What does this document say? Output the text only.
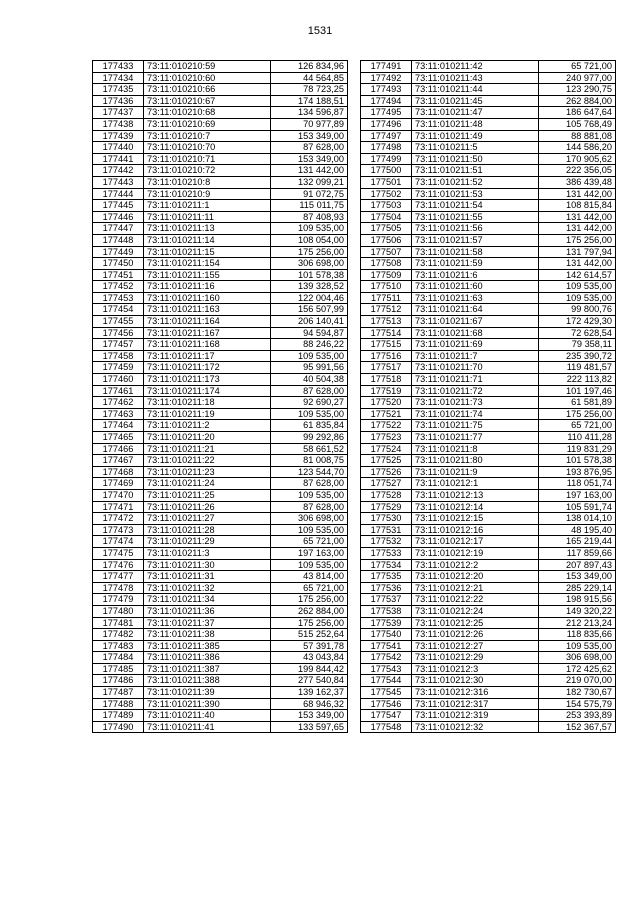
1531
177433	73:11:010210:59	126 834,96
177434	73:11:010210:60	44 564,85
177435	73:11:010210:66	78 723,25
177436	73:11:010210:67	174 188,51
177437	73:11:010210:68	134 596,87
177438	73:11:010210:69	70 977,89
177439	73:11:010210:7	153 349,00
177440	73:11:010210:70	87 628,00
177441	73:11:010210:71	153 349,00
177442	73:11:010210:72	131 442,00
177443	73:11:010210:8	132 099,21
177444	73:11:010210:9	91 072,75
177445	73:11:010211:1	115 011,75
177446	73:11:010211:11	87 408,93
177447	73:11:010211:13	109 535,00
177448	73:11:010211:14	108 054,00
177449	73:11:010211:15	175 256,00
177450	73:11:010211:154	306 698,00
177451	73:11:010211:155	101 578,38
177452	73:11:010211:16	139 328,52
177453	73:11:010211:160	122 004,46
177454	73:11:010211:163	156 507,99
177455	73:11:010211:164	206 140,41
177456	73:11:010211:167	94 594,87
177457	73:11:010211:168	88 246,22
177458	73:11:010211:17	109 535,00
177459	73:11:010211:172	95 991,56
177460	73:11:010211:173	40 504,38
177461	73:11:010211:174	87 628,00
177462	73:11:010211:18	92 690,27
177463	73:11:010211:19	109 535,00
177464	73:11:010211:2	61 835,84
177465	73:11:010211:20	99 292,86
177466	73:11:010211:21	58 661,52
177467	73:11:010211:22	81 008,75
177468	73:11:010211:23	123 544,70
177469	73:11:010211:24	87 628,00
177470	73:11:010211:25	109 535,00
177471	73:11:010211:26	87 628,00
177472	73:11:010211:27	306 698,00
177473	73:11:010211:28	109 535,00
177474	73:11:010211:29	65 721,00
177475	73:11:010211:3	197 163,00
177476	73:11:010211:30	109 535,00
177477	73:11:010211:31	43 814,00
177478	73:11:010211:32	65 721,00
177479	73:11:010211:34	175 256,00
177480	73:11:010211:36	262 884,00
177481	73:11:010211:37	175 256,00
177482	73:11:010211:38	515 252,64
177483	73:11:010211:385	57 391,78
177484	73:11:010211:386	43 043,84
177485	73:11:010211:387	199 844,42
177486	73:11:010211:388	277 540,84
177487	73:11:010211:39	139 162,37
177488	73:11:010211:390	68 946,32
177489	73:11:010211:40	153 349,00
177490	73:11:010211:41	133 597,65
177491	73:11:010211:42	65 721,00
177492	73:11:010211:43	240 977,00
177493	73:11:010211:44	123 290,75
177494	73:11:010211:45	262 884,00
177495	73:11:010211:47	186 647,64
177496	73:11:010211:48	105 768,49
177497	73:11:010211:49	88 881,08
177498	73:11:010211:5	144 586,20
177499	73:11:010211:50	170 905,62
177500	73:11:010211:51	222 356,05
177501	73:11:010211:52	386 439,48
177502	73:11:010211:53	131 442,00
177503	73:11:010211:54	108 815,84
177504	73:11:010211:55	131 442,00
177505	73:11:010211:56	131 442,00
177506	73:11:010211:57	175 256,00
177507	73:11:010211:58	131 797,94
177508	73:11:010211:59	131 442,00
177509	73:11:010211:6	142 614,57
177510	73:11:010211:60	109 535,00
177511	73:11:010211:63	109 535,00
177512	73:11:010211:64	99 800,76
177513	73:11:010211:67	172 429,30
177514	73:11:010211:68	72 628,54
177515	73:11:010211:69	79 358,11
177516	73:11:010211:7	235 390,72
177517	73:11:010211:70	119 481,57
177518	73:11:010211:71	222 113,82
177519	73:11:010211:72	101 197,46
177520	73:11:010211:73	61 581,89
177521	73:11:010211:74	175 256,00
177522	73:11:010211:75	65 721,00
177523	73:11:010211:77	110 411,28
177524	73:11:010211:8	119 831,29
177525	73:11:010211:80	101 578,38
177526	73:11:010211:9	193 876,95
177527	73:11:010212:1	118 051,74
177528	73:11:010212:13	197 163,00
177529	73:11:010212:14	105 591,74
177530	73:11:010212:15	138 014,10
177531	73:11:010212:16	48 195,40
177532	73:11:010212:17	165 219,44
177533	73:11:010212:19	117 859,66
177534	73:11:010212:2	207 897,43
177535	73:11:010212:20	153 349,00
177536	73:11:010212:21	285 229,14
177537	73:11:010212:22	198 915,56
177538	73:11:010212:24	149 320,22
177539	73:11:010212:25	212 213,24
177540	73:11:010212:26	118 835,66
177541	73:11:010212:27	109 535,00
177542	73:11:010212:29	306 698,00
177543	73:11:010212:3	172 425,62
177544	73:11:010212:30	219 070,00
177545	73:11:010212:316	182 730,67
177546	73:11:010212:317	154 575,79
177547	73:11:010212:319	253 393,89
177548	73:11:010212:32	152 367,57
